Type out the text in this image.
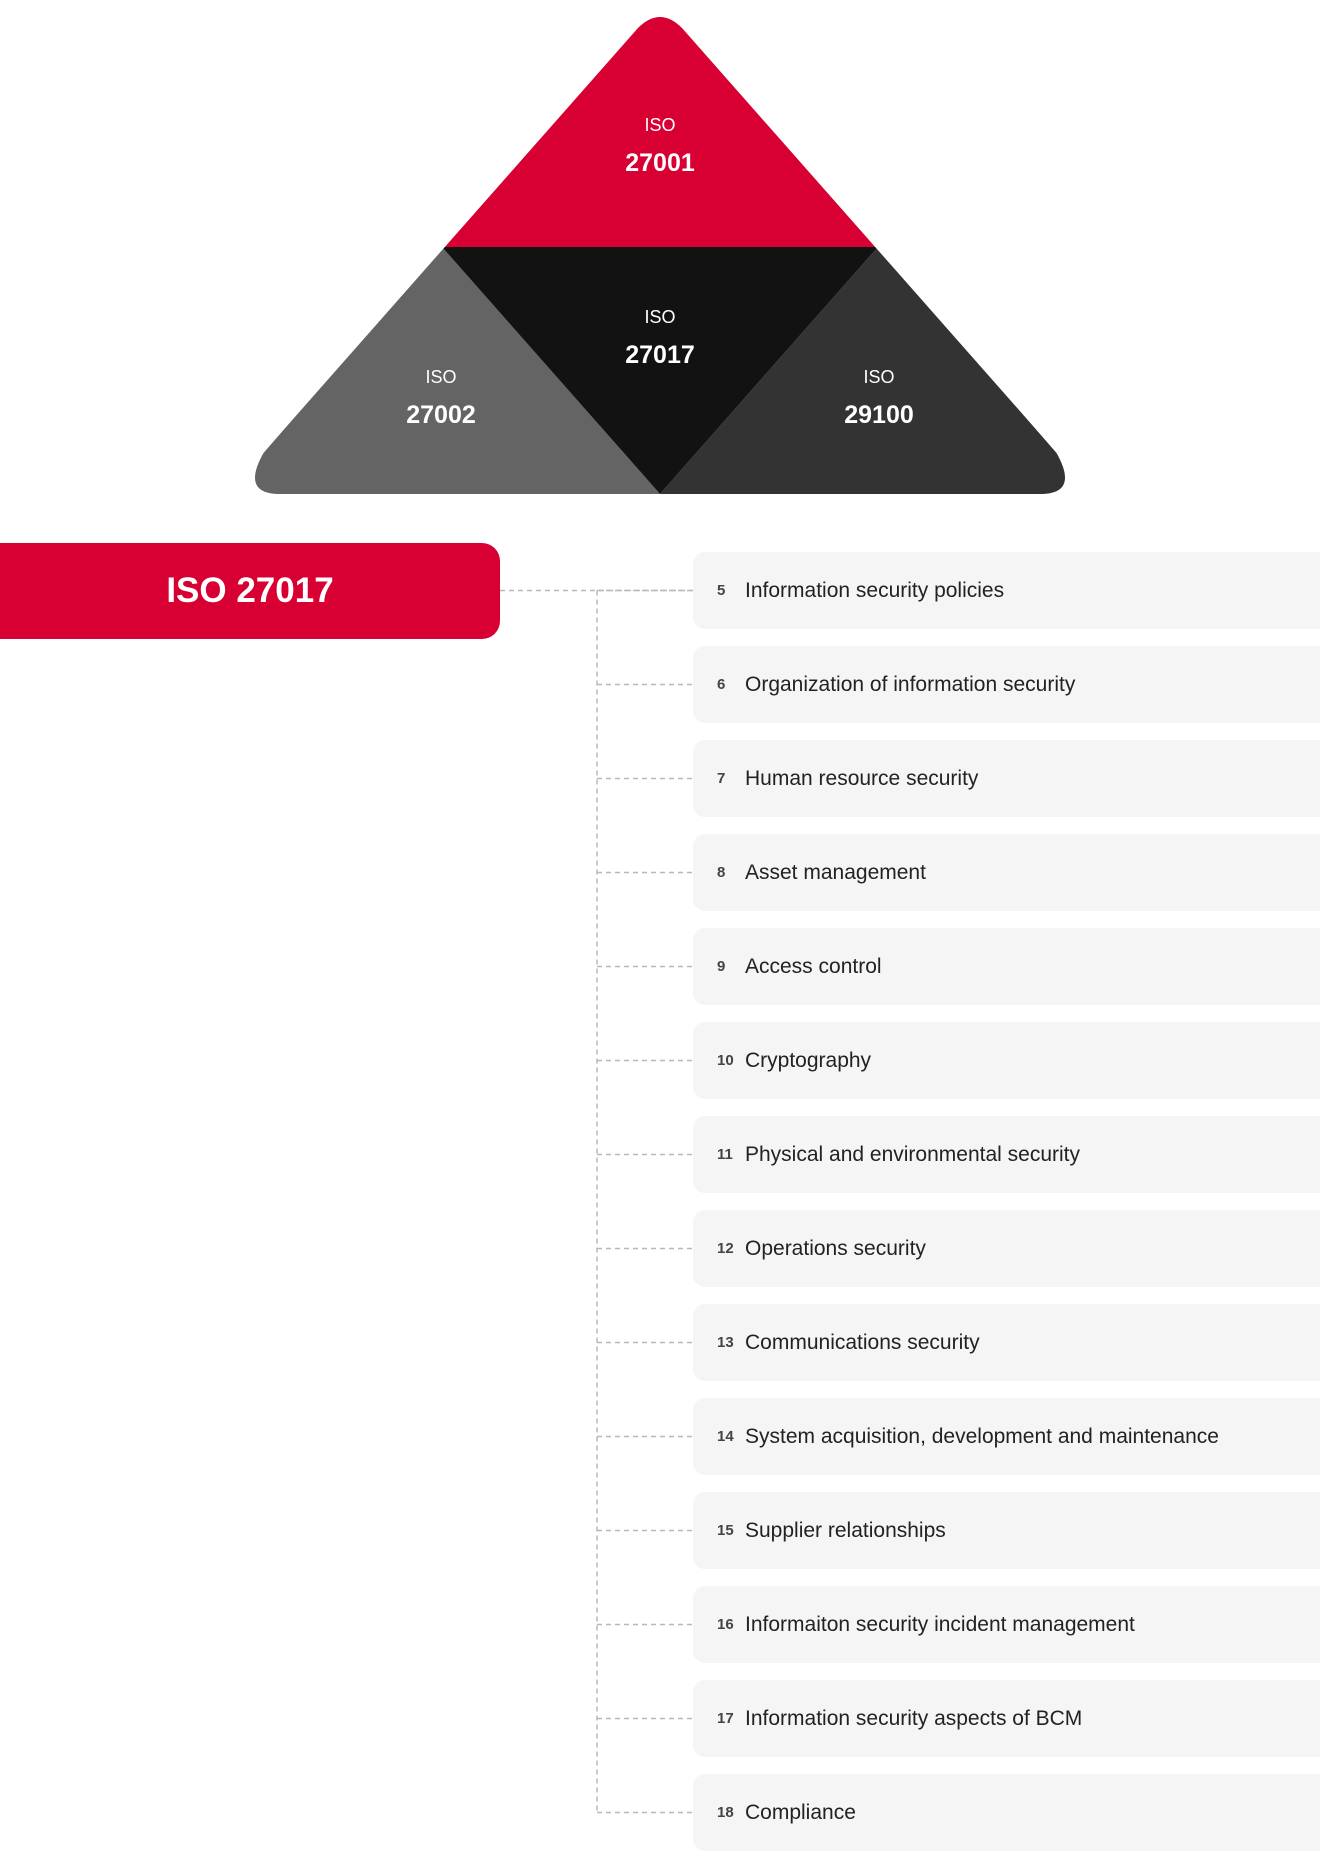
ISO
27001
ISO
27017
ISO
27002
ISO
29100
ISO 27017	5 Information security policies
6 Organization of information security
7 Human resource security
8 Asset management
9 Access control
10 Cryptography
11 Physical and environmental security
12 Operations security
13 Communications security
14 System acquisition, development and maintenance
15 Supplier relationships
16 Informaiton security incident management
17 Information security aspects of BCM
18 Compliance
